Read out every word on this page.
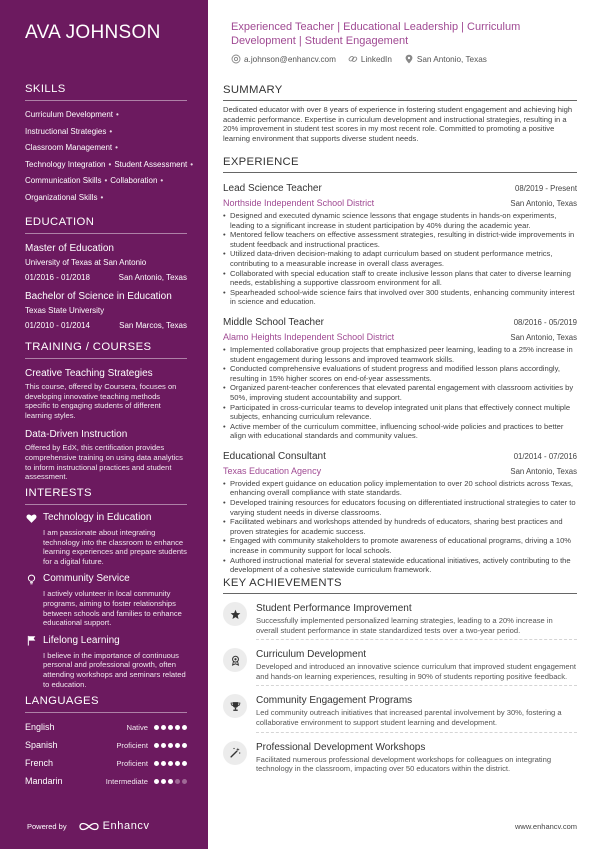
AVA JOHNSON
SKILLS
Curriculum Development •
Instructional Strategies •
Classroom Management •
Technology Integration • Student Assessment •
Communication Skills • Collaboration •
Organizational Skills •
EDUCATION
Master of Education
University of Texas at San Antonio
01/2016 - 01/2018	San Antonio, Texas
Bachelor of Science in Education
Texas State University
01/2010 - 01/2014	San Marcos, Texas
TRAINING / COURSES
Creative Teaching Strategies
This course, offered by Coursera, focuses on developing innovative teaching methods specific to engaging students of different learning styles.
Data-Driven Instruction
Offered by EdX, this certification provides comprehensive training on using data analytics to inform instructional practices and student assessment.
INTERESTS
Technology in Education
I am passionate about integrating technology into the classroom to enhance learning experiences and prepare students for a digital future.
Community Service
I actively volunteer in local community programs, aiming to foster relationships between schools and families to enhance educational support.
Lifelong Learning
I believe in the importance of continuous personal and professional growth, often attending workshops and seminars related to education.
LANGUAGES
English	Native
Spanish	Proficient
French	Proficient
Mandarin	Intermediate
Powered by	Enhancv
Experienced Teacher | Educational Leadership | Curriculum Development | Student Engagement
a.johnson@enhancv.com	LinkedIn	San Antonio, Texas
SUMMARY

Dedicated educator with over 8 years of experience in fostering student engagement and achieving high academic performance. Expertise in curriculum development and instructional strategies, resulting in a 20% improvement in student test scores in my most recent role. Committed to promoting a positive learning environment that supports diverse student needs.

EXPERIENCE
Lead Science Teacher	08/2019 - Present
Northside Independent School District	San Antonio, Texas
• Designed and executed dynamic science lessons that engage students in hands-on experiments, leading to a significant increase in student participation by 40% during the academic year.
• Mentored fellow teachers on effective assessment strategies, resulting in district-wide improvements in student feedback and instructional practices.
• Utilized data-driven decision-making to adapt curriculum based on student performance metrics, contributing to a measurable increase in overall class averages.
• Collaborated with special education staff to create inclusive lesson plans that cater to diverse learning needs, establishing a supportive classroom environment for all.
• Spearheaded school-wide science fairs that involved over 300 students, enhancing community interest in science and education.
Middle School Teacher	08/2016 - 05/2019
Alamo Heights Independent School District	San Antonio, Texas
• Implemented collaborative group projects that emphasized peer learning, leading to a 25% increase in student engagement during lessons and improved teamwork skills.
• Conducted comprehensive evaluations of student progress and modified lesson plans accordingly, resulting in 15% higher scores on end-of-year assessments.
• Organized parent-teacher conferences that elevated parental engagement with classroom activities by 50%, improving student accountability and support.
• Participated in cross-curricular teams to develop integrated unit plans that effectively connect multiple subjects, enhancing curriculum relevance.
• Active member of the curriculum committee, influencing school-wide policies and practices to better align with educational standards and community values.
Educational Consultant	01/2014 - 07/2016
Texas Education Agency	San Antonio, Texas
• Provided expert guidance on education policy implementation to over 20 school districts across Texas, enhancing overall compliance with state standards.
• Developed training resources for educators focusing on differentiated instructional strategies to cater to varying student needs in diverse classrooms.
• Facilitated webinars and workshops attended by hundreds of educators, sharing best practices and proven strategies for academic success.
• Engaged with community stakeholders to promote awareness of educational programs, driving a 10% increase in community support for local schools.
• Authored instructional material for several statewide educational initiatives, actively contributing to the development of a cohesive statewide curriculum framework.
KEY ACHIEVEMENTS
Student Performance Improvement
Successfully implemented personalized learning strategies, leading to a 20% increase in overall student performance in state standardized tests over a two-year period.
Curriculum Development
Developed and introduced an innovative science curriculum that improved student engagement and hands-on learning experiences, resulting in 90% of students reporting positive feedback.
Community Engagement Programs
Led community outreach initiatives that increased parental involvement by 30%, fostering a collaborative environment to support student learning and development.
Professional Development Workshops
Facilitated numerous professional development workshops for colleagues on integrating technology in the classroom, impacting over 50 educators within the district.
www.enhancv.com
